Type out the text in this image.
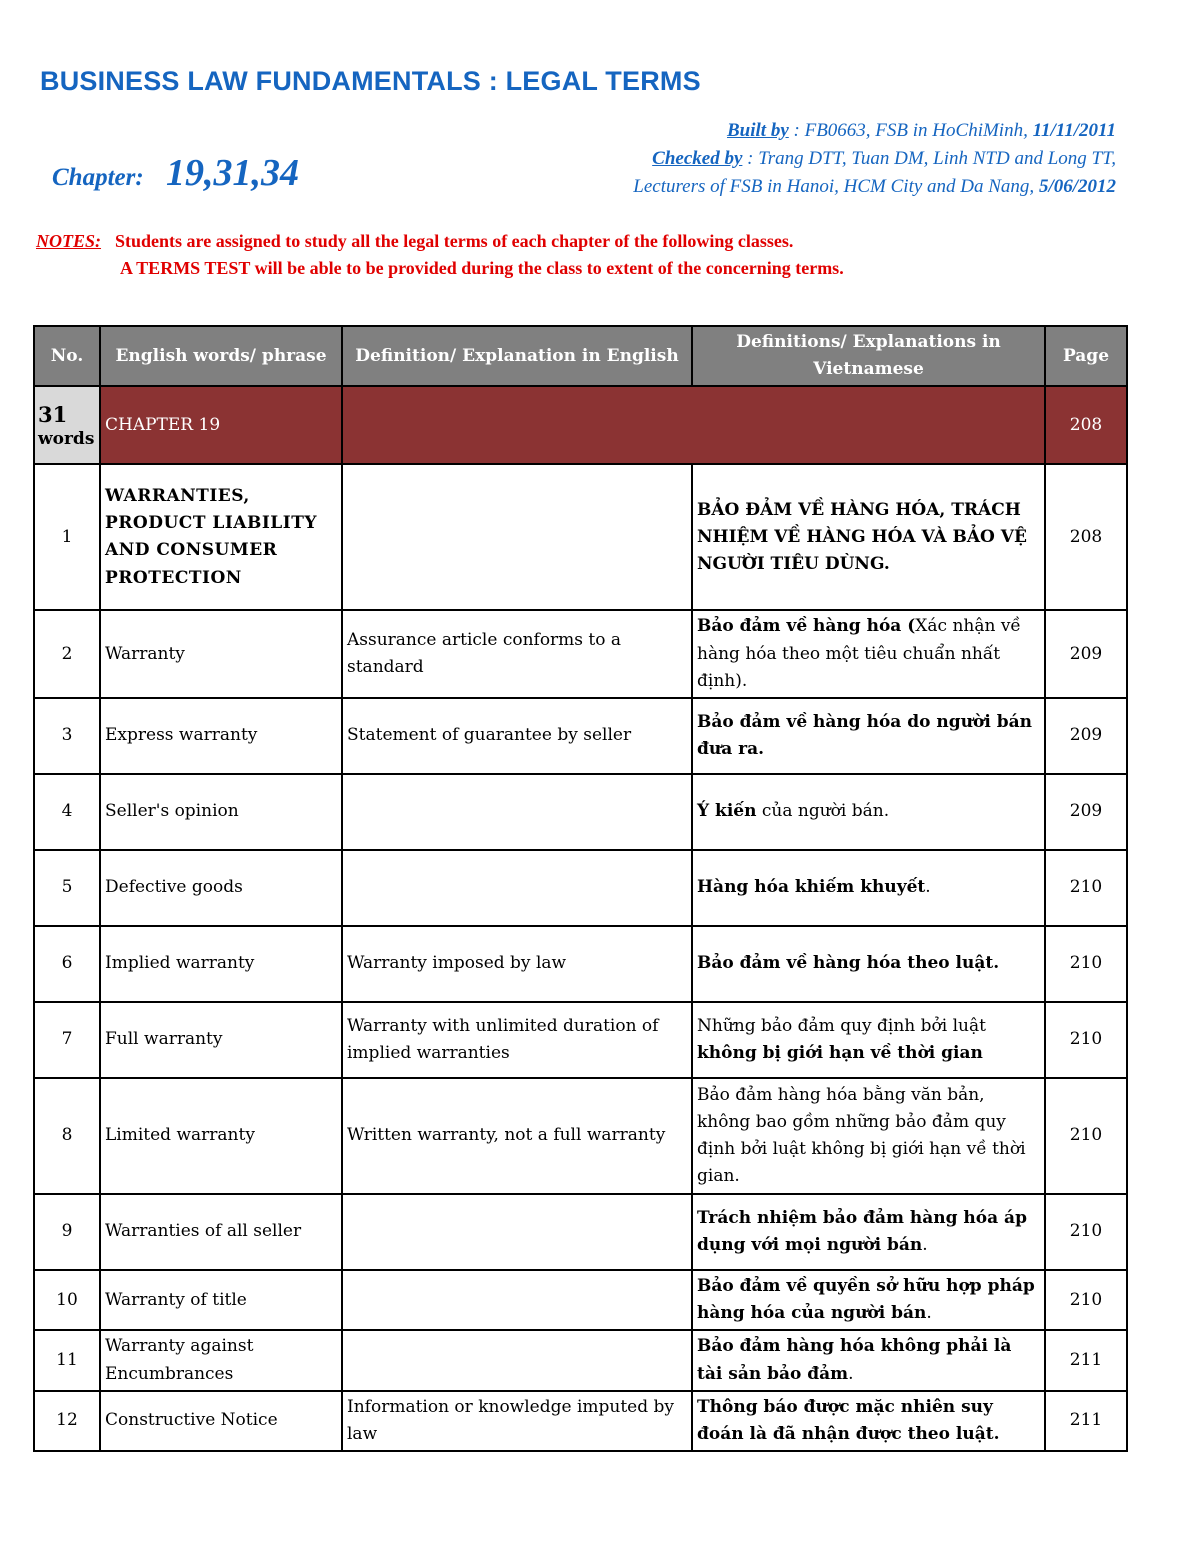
BUSINESS LAW FUNDAMENTALS : LEGAL TERMS
Chapter: 19,31,34
Built by : FB0663, FSB in HoChiMinh, 11/11/2011
Checked by : Trang DTT, Tuan DM, Linh NTD and Long TT,
Lecturers of FSB in Hanoi, HCM City and Da Nang, 5/06/2012
NOTES: Students are assigned to study all the legal terms of each chapter of the following classes.
A TERMS TEST will be able to be provided during the class to extent of the concerning terms.
No.	English words/ phrase	Definition/ Explanation in English	Definitions/ Explanations in Vietnamese	Page

31
words	CHAPTER 19			208
1	WARRANTIES, PRODUCT LIABILITY AND CONSUMER PROTECTION		BẢO ĐẢM VỀ HÀNG HÓA, TRÁCH NHIỆM VỀ HÀNG HÓA VÀ BẢO VỆ NGƯỜI TIÊU DÙNG.	208
2	Warranty	Assurance article conforms to a standard	Bảo đảm về hàng hóa (Xác nhận về hàng hóa theo một tiêu chuẩn nhất định).	209
3	Express warranty	Statement of guarantee by seller	Bảo đảm về hàng hóa do người bán đưa ra.	209
4	Seller's opinion		Ý kiến của người bán.	209
5	Defective goods		Hàng hóa khiếm khuyết.	210
6	Implied warranty	Warranty imposed by law	Bảo đảm về hàng hóa theo luật.	210
7	Full warranty	Warranty with unlimited duration of implied warranties	Những bảo đảm quy định bởi luật không bị giới hạn về thời gian	210
8	Limited warranty	Written warranty, not a full warranty	Bảo đảm hàng hóa bằng văn bản, không bao gồm những bảo đảm quy định bởi luật không bị giới hạn về thời gian.	210
9	Warranties of all seller		Trách nhiệm bảo đảm hàng hóa áp dụng với mọi người bán.	210
10	Warranty of title		Bảo đảm về quyền sở hữu hợp pháp hàng hóa của người bán.	210
11	Warranty against Encumbrances		Bảo đảm hàng hóa không phải là tài sản bảo đảm.	211
12	Constructive Notice	Information or knowledge imputed by law	Thông báo được mặc nhiên suy đoán là đã nhận được theo luật.	211
